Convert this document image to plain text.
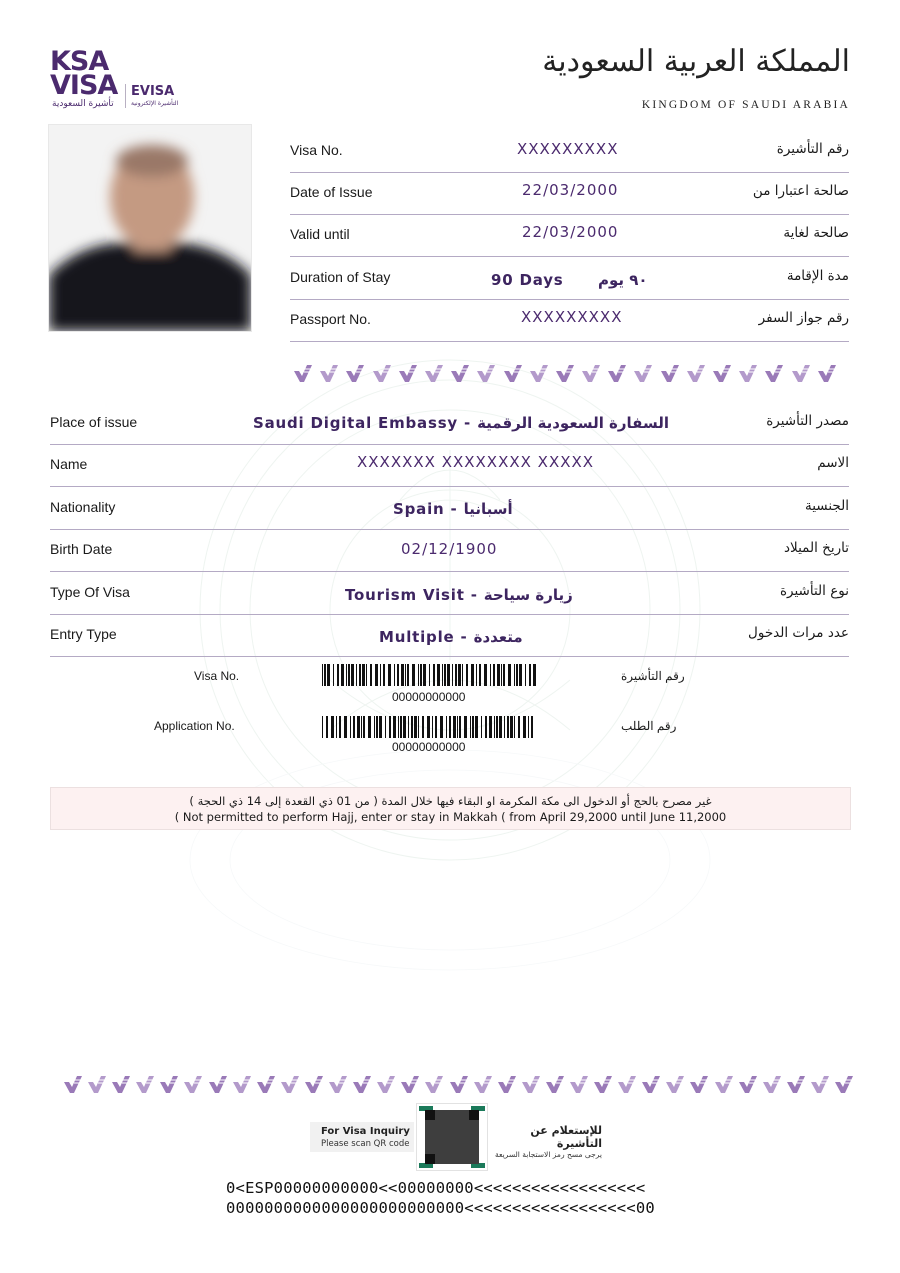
KSA
VISA
تأشيرة السعودية
EVISA
التأشيرة الإلكترونية
المملكة العربية السعودية
KINGDOM OF SAUDI ARABIA
Visa No.	XXXXXXXXX	رقم التأشيرة
Date of Issue	22/03/2000	صالحة اعتبارا من
Valid until	22/03/2000	صالحة لغاية
Duration of Stay	90 Days ٩٠ يوم	مدة الإقامة
Passport No.	XXXXXXXXX	رقم جواز السفر
Place of issue	Saudi Digital Embassy - السفارة السعودية الرقمية	مصدر التأشيرة
Name	XXXXXXX XXXXXXXX XXXXX	الاسم
Nationality	Spain - أسبانيا	الجنسية
Birth Date	02/12/1900	تاريخ الميلاد
Type Of Visa	Tourism Visit - زيارة سياحة	نوع التأشيرة
Entry Type	Multiple - متعددة	عدد مرات الدخول
Visa No.	رقم التأشيرة
00000000000
Application No.	رقم الطلب
00000000000
غير مصرح بالحج أو الدخول الى مكة المكرمة او البقاء فيها خلال المدة ( من 01 ذي القعدة إلى 14 ذي الحجة )
( Not permitted to perform Hajj, enter or stay in Makkah ( from April 29,2000 until June 11,2000
For Visa Inquiry
Please scan QR code
للإستعلام عن التأشيرة
يرجى مسح رمز الاستجابة السريعة
0<ESP00000000000<<00000000<<<<<<<<<<<<<<<<<<
0000000000000000000000000<<<<<<<<<<<<<<<<<<00
